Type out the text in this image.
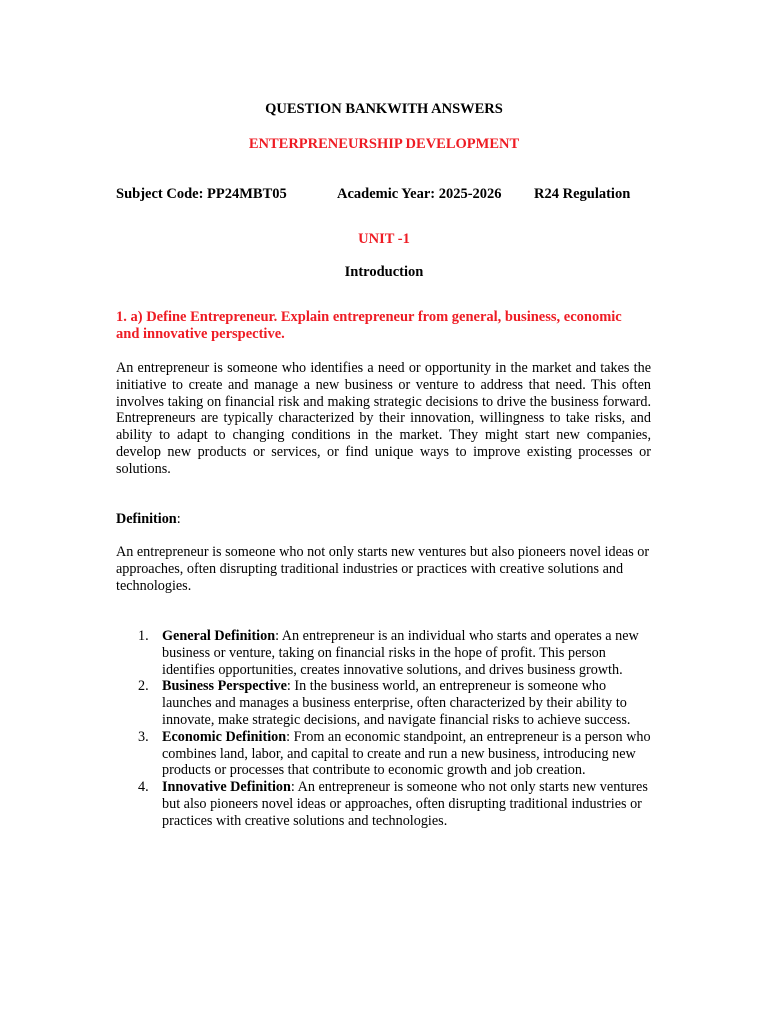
QUESTION BANKWITH ANSWERS

ENTERPRENEURSHIP DEVELOPMENT

Subject Code: PP24MBT05	Academic Year: 2025-2026 R24 Regulation

UNIT -1

Introduction

1. a) Define Entrepreneur. Explain entrepreneur from general, business, economic and innovative perspective.

An entrepreneur is someone who identifies a need or opportunity in the market and takes the initiative to create and manage a new business or venture to address that need. This often involves taking on financial risk and making strategic decisions to drive the business forward. Entrepreneurs are typically characterized by their innovation, willingness to take risks, and ability to adapt to changing conditions in the market. They might start new companies, develop new products or services, or find unique ways to improve existing processes or solutions.

Definition:

An entrepreneur is someone who not only starts new ventures but also pioneers novel ideas or approaches, often disrupting traditional industries or practices with creative solutions and technologies.

1. General Definition: An entrepreneur is an individual who starts and operates a new business or venture, taking on financial risks in the hope of profit. This person identifies opportunities, creates innovative solutions, and drives business growth.
2. Business Perspective: In the business world, an entrepreneur is someone who launches and manages a business enterprise, often characterized by their ability to innovate, make strategic decisions, and navigate financial risks to achieve success.
3. Economic Definition: From an economic standpoint, an entrepreneur is a person who combines land, labor, and capital to create and run a new business, introducing new products or processes that contribute to economic growth and job creation.
4. Innovative Definition: An entrepreneur is someone who not only starts new ventures but also pioneers novel ideas or approaches, often disrupting traditional industries or practices with creative solutions and technologies.
